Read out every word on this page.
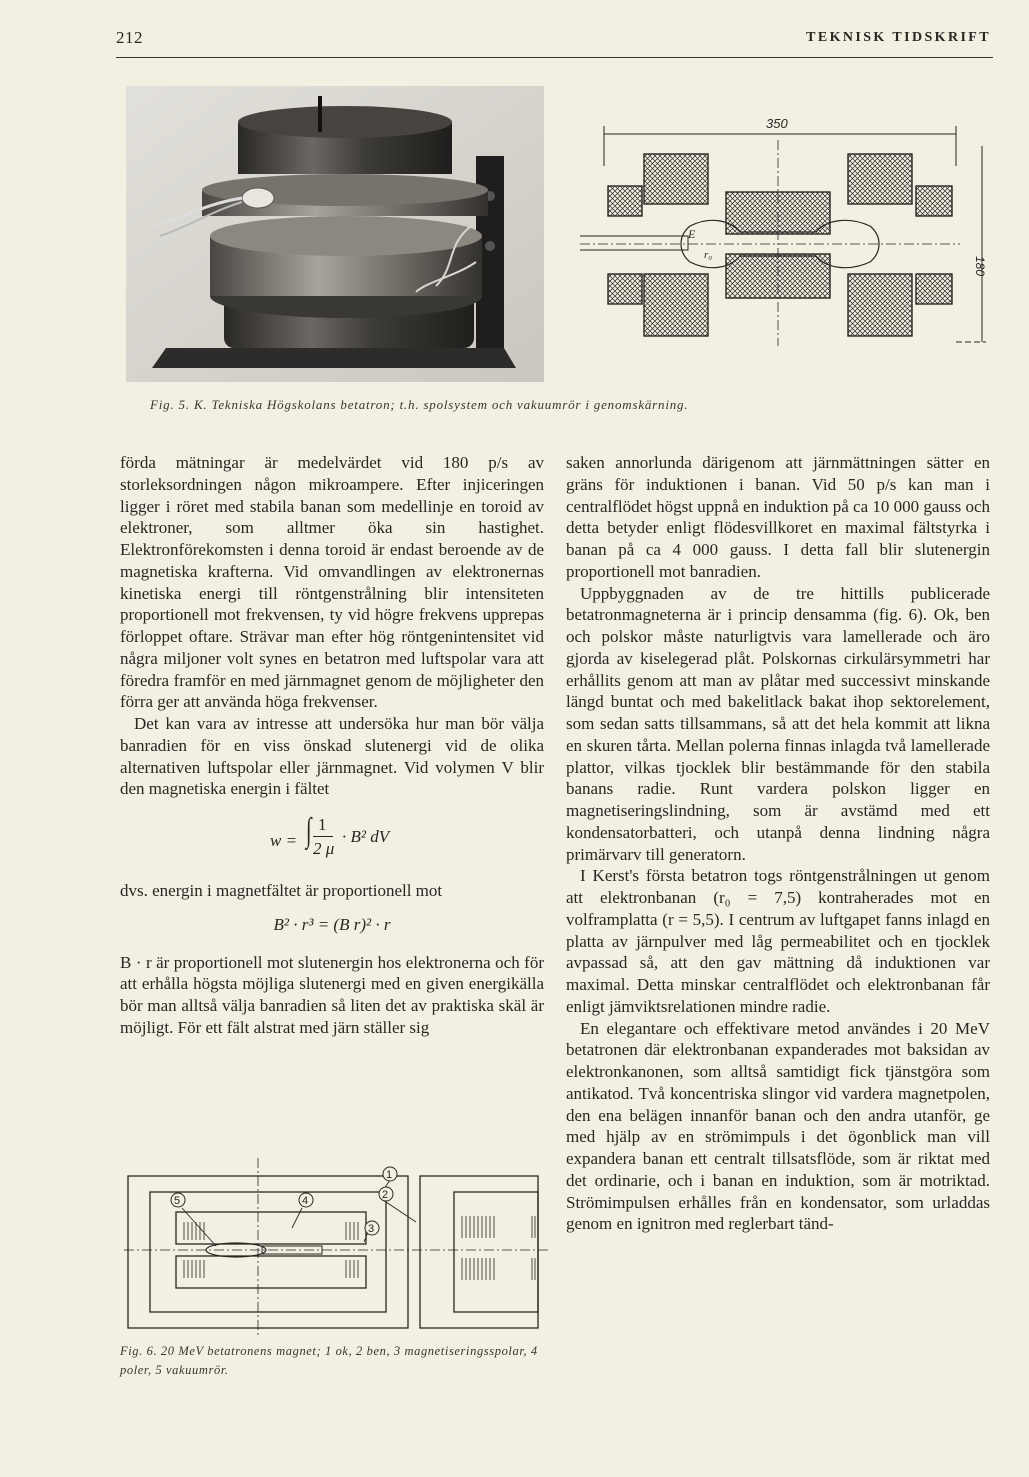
212	TEKNISK TIDSKRIFT
350
180
E
r₀
Fig. 5. K. Tekniska Högskolans betatron; t.h. spolsystem och vakuumrör i genomskärning.

förda mätningar är medelvärdet vid 180 p/s av storleksordningen någon mikroampere. Efter injiceringen ligger i röret med stabila banan som medellinje en toroid av elektroner, som alltmer öka sin hastighet. Elektronförekomsten i denna toroid är endast beroende av de magnetiska krafterna. Vid omvandlingen av elektronernas kinetiska energi till röntgenstrålning blir intensiteten proportionell mot frekvensen, ty vid högre frekvens upprepas förloppet oftare. Strävar man efter hög röntgenintensitet vid några miljoner volt synes en betatron med luftspolar vara att föredra framför en med järnmagnet genom de möjligheter den förra ger att använda höga frekvenser.

Det kan vara av intresse att undersöka hur man bör välja banradien för en viss önskad slutenergi vid de olika alternativen luftspolar eller järnmagnet. Vid volymen V blir den magnetiska energin i fältet

w = ∫ 1
2 μ
· B² dV

dvs. energin i magnetfältet är proportionell mot

B² · r³ = (B r)² · r

B · r är proportionell mot slutenergin hos elektronerna och för att erhålla högsta möjliga slutenergi med en given energikälla bör man alltså välja banradien så liten det av praktiska skäl är möjligt. För ett fält alstrat med järn ställer sig

saken annorlunda därigenom att järnmättningen sätter en gräns för induktionen i banan. Vid 50 p/s kan man i centralflödet högst uppnå en induktion på ca 10 000 gauss och detta betyder enligt flödesvillkoret en maximal fältstyrka i banan på ca 4 000 gauss. I detta fall blir slutenergin proportionell mot banradien.

Uppbyggnaden av de tre hittills publicerade betatronmagneterna är i princip densamma (fig. 6). Ok, ben och polskor måste naturligtvis vara lamellerade och äro gjorda av kiselegerad plåt. Polskornas cirkulärsymmetri har erhållits genom att man av plåtar med successivt minskande längd buntat och med bakelitlack bakat ihop sektorelement, som sedan satts tillsammans, så att det hela kommit att likna en skuren tårta. Mellan polerna finnas inlagda två lamellerade plattor, vilkas tjocklek blir bestämmande för den stabila banans radie. Runt vardera polskon ligger en magnetiseringslindning, som är avstämd med ett kondensatorbatteri, och utanpå denna lindning några primärvarv till generatorn.

I Kerst's första betatron togs röntgenstrålningen ut genom att elektronbanan (r₀ = 7,5) kontraherades mot en volframplatta (r = 5,5). I centrum av luftgapet fanns inlagd en platta av järnpulver med låg permeabilitet och en tjocklek avpassad så, att den gav mättning då induktionen var maximal. Detta minskar centralflödet och elektronbanan får enligt jämviktsrelationen mindre radie.

En elegantare och effektivare metod användes i 20 MeV betatronen där elektronbanan expanderades mot baksidan av elektronkanonen, som alltså samtidigt fick tjänstgöra som antikatod. Två koncentriska slingor vid vardera magnetpolen, den ena belägen innanför banan och den andra utanför, ge med hjälp av en strömimpuls i det ögonblick man vill expandera banan ett centralt tillsatsflöde, som är riktat med det ordinarie, och i banan en induktion, som är motriktad. Strömimpulsen erhålles från en kondensator, som urladdas genom en ignitron med reglerbart tänd-

1
2
3
4
5
Fig. 6. 20 MeV betatronens magnet; 1 ok, 2 ben, 3 magnetiseringsspolar, 4 poler, 5 vakuumrör.
